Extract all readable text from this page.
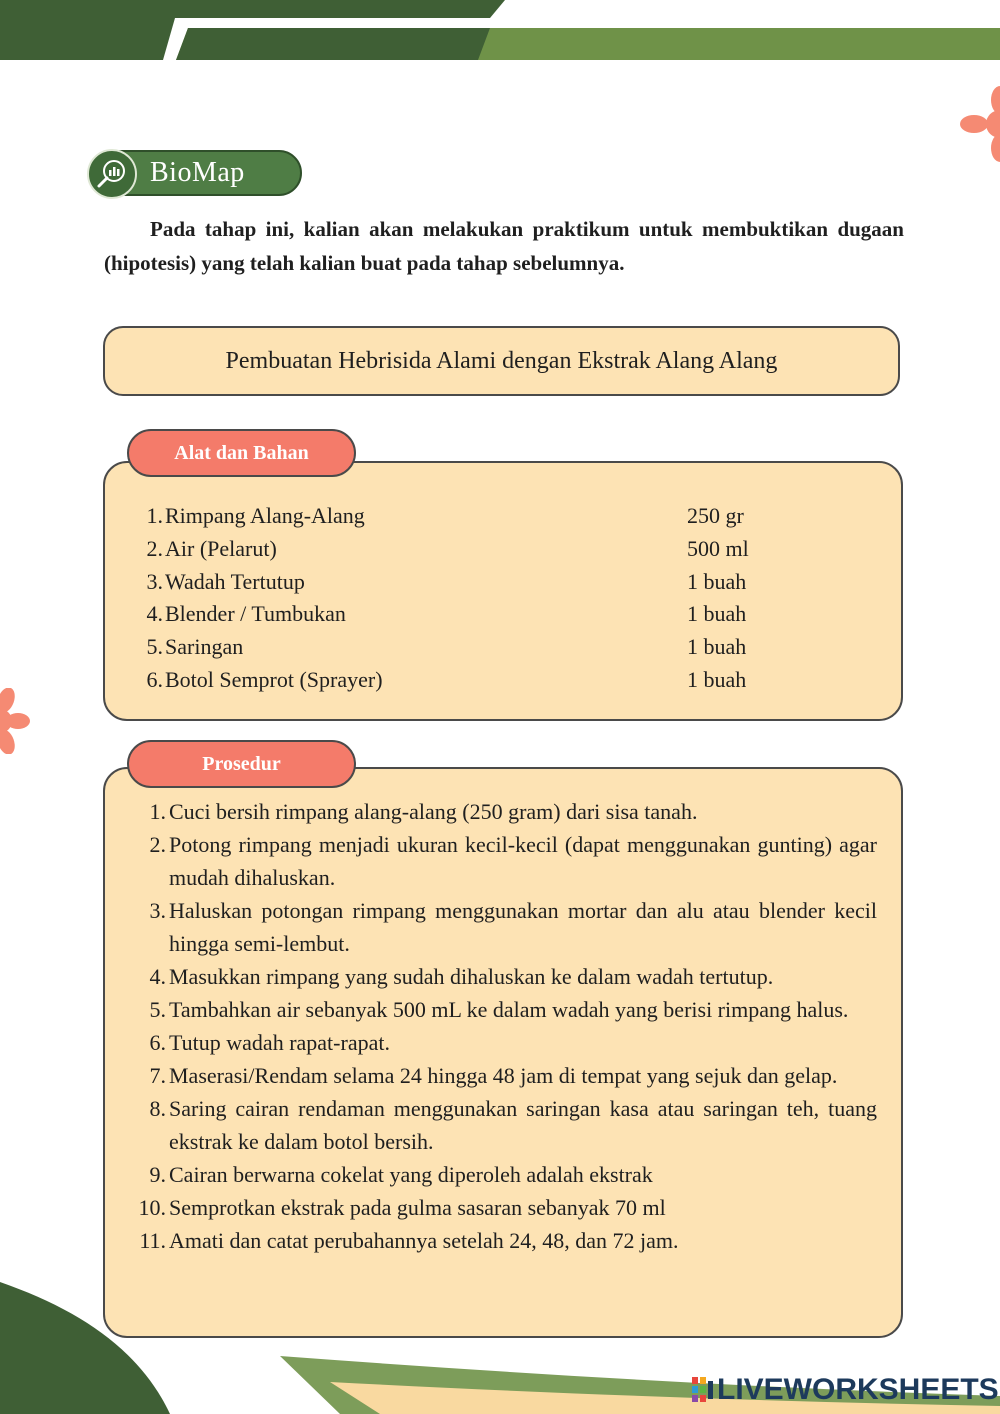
BioMap
Pada tahap ini, kalian akan melakukan praktikum untuk membuktikan dugaan (hipotesis) yang telah kalian buat pada tahap sebelumnya.
Pembuatan Hebrisida Alami dengan Ekstrak Alang Alang
1. Rimpang Alang-Alang	250 gr
2. Air (Pelarut)	500 ml
3. Wadah Tertutup	1 buah
4. Blender / Tumbukan	1 buah
5. Saringan	1 buah
6. Botol Semprot (Sprayer)	1 buah
Alat dan Bahan
1. Cuci bersih rimpang alang-alang (250 gram) dari sisa tanah.
2. Potong rimpang menjadi ukuran kecil-kecil (dapat menggunakan gunting) agar mudah dihaluskan.
3. Haluskan potongan rimpang menggunakan mortar dan alu atau blender kecil hingga semi-lembut.
4. Masukkan rimpang yang sudah dihaluskan ke dalam wadah tertutup.
5. Tambahkan air sebanyak 500 mL ke dalam wadah yang berisi rimpang halus.
6. Tutup wadah rapat-rapat.
7. Maserasi/Rendam selama 24 hingga 48 jam di tempat yang sejuk dan gelap.
8. Saring cairan rendaman menggunakan saringan kasa atau saringan teh, tuang ekstrak ke dalam botol bersih.
9. Cairan berwarna cokelat yang diperoleh adalah ekstrak
10. Semprotkan ekstrak pada gulma sasaran sebanyak 70 ml
11. Amati dan catat perubahannya setelah 24, 48, dan 72 jam.
Prosedur
LIVEWORKSHEETS
